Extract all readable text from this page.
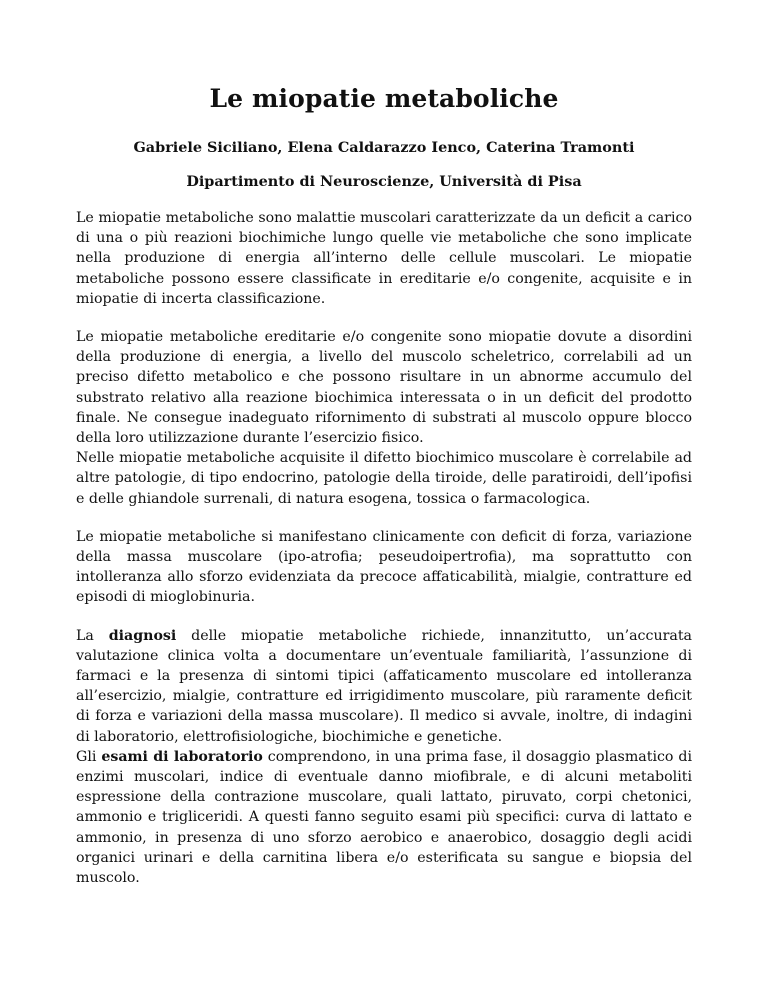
Le miopatie metaboliche

Gabriele Siciliano, Elena Caldarazzo Ienco, Caterina Tramonti

Dipartimento di Neuroscienze, Università di Pisa

Le miopatie metaboliche sono malattie muscolari caratterizzate da un deficit a carico di una o più reazioni biochimiche lungo quelle vie metaboliche che sono implicate nella produzione di energia all’interno delle cellule muscolari. Le miopatie metaboliche possono essere classificate in ereditarie e/o congenite, acquisite e in miopatie di incerta classificazione.

Le miopatie metaboliche ereditarie e/o congenite sono miopatie dovute a disordini della produzione di energia, a livello del muscolo scheletrico, correlabili ad un preciso difetto metabolico e che possono risultare in un abnorme accumulo del substrato relativo alla reazione biochimica interessata o in un deficit del prodotto finale. Ne consegue inadeguato rifornimento di substrati al muscolo oppure blocco della loro utilizzazione durante l’esercizio fisico.

Nelle miopatie metaboliche acquisite il difetto biochimico muscolare è correlabile ad altre patologie, di tipo endocrino, patologie della tiroide, delle paratiroidi, dell’ipofisi e delle ghiandole surrenali, di natura esogena, tossica o farmacologica.

Le miopatie metaboliche si manifestano clinicamente con deficit di forza, variazione della massa muscolare (ipo-atrofia; peseudoipertrofia), ma soprattutto con intolleranza allo sforzo evidenziata da precoce affaticabilità, mialgie, contratture ed episodi di mioglobinuria.

La diagnosi delle miopatie metaboliche richiede, innanzitutto, un’accurata valutazione clinica volta a documentare un’eventuale familiarità, l’assunzione di farmaci e la presenza di sintomi tipici (affaticamento muscolare ed intolleranza all’esercizio, mialgie, contratture ed irrigidimento muscolare, più raramente deficit di forza e variazioni della massa muscolare). Il medico si avvale, inoltre, di indagini di laboratorio, elettrofisiologiche, biochimiche e genetiche.

Gli esami di laboratorio comprendono, in una prima fase, il dosaggio plasmatico di enzimi muscolari, indice di eventuale danno miofibrale, e di alcuni metaboliti espressione della contrazione muscolare, quali lattato, piruvato, corpi chetonici, ammonio e trigliceridi. A questi fanno seguito esami più specifici: curva di lattato e ammonio, in presenza di uno sforzo aerobico e anaerobico, dosaggio degli acidi organici urinari e della carnitina libera e/o esterificata su sangue e biopsia del muscolo.
